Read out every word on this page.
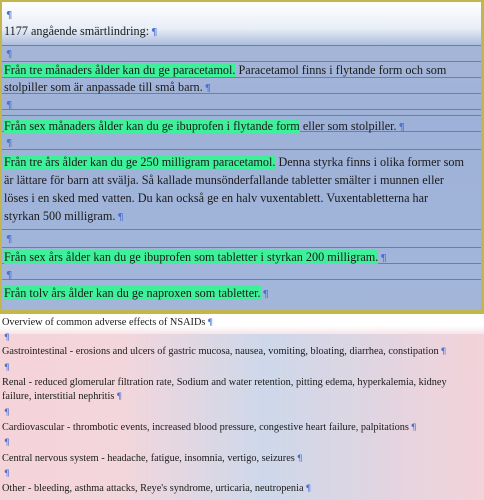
¶
1177 angående smärtlindring: ¶
¶
Från tre månaders ålder kan du ge paracetamol. Paracetamol finns i flytande form och som
stolpiller som är anpassade till små barn. ¶
¶
Från sex månaders ålder kan du ge ibuprofen i flytande form eller som stolpiller. ¶
¶
Från tre års ålder kan du ge 250 milligram paracetamol. Denna styrka finns i olika former som
är lättare för barn att svälja. Så kallade munsönderfallande tabletter smälter i munnen eller
löses i en sked med vatten. Du kan också ge en halv vuxentablett. Vuxentabletterna har
styrkan 500 milligram. ¶
¶
Från sex års ålder kan du ge ibuprofen som tabletter i styrkan 200 milligram. ¶
¶
Från tolv års ålder kan du ge naproxen som tabletter. ¶
Overview of common adverse effects of NSAIDs ¶
¶
Gastrointestinal - erosions and ulcers of gastric mucosa, nausea, vomiting, bloating, diarrhea, constipation ¶
¶
Renal - reduced glomerular filtration rate, Sodium and water retention, pitting edema, hyperkalemia, kidney
failure, interstitial nephritis ¶
¶
Cardiovascular - thrombotic events, increased blood pressure, congestive heart failure, palpitations ¶
¶
Central nervous system - headache, fatigue, insomnia, vertigo, seizures ¶
¶
Other - bleeding, asthma attacks, Reye's syndrome, urticaria, neutropenia ¶
